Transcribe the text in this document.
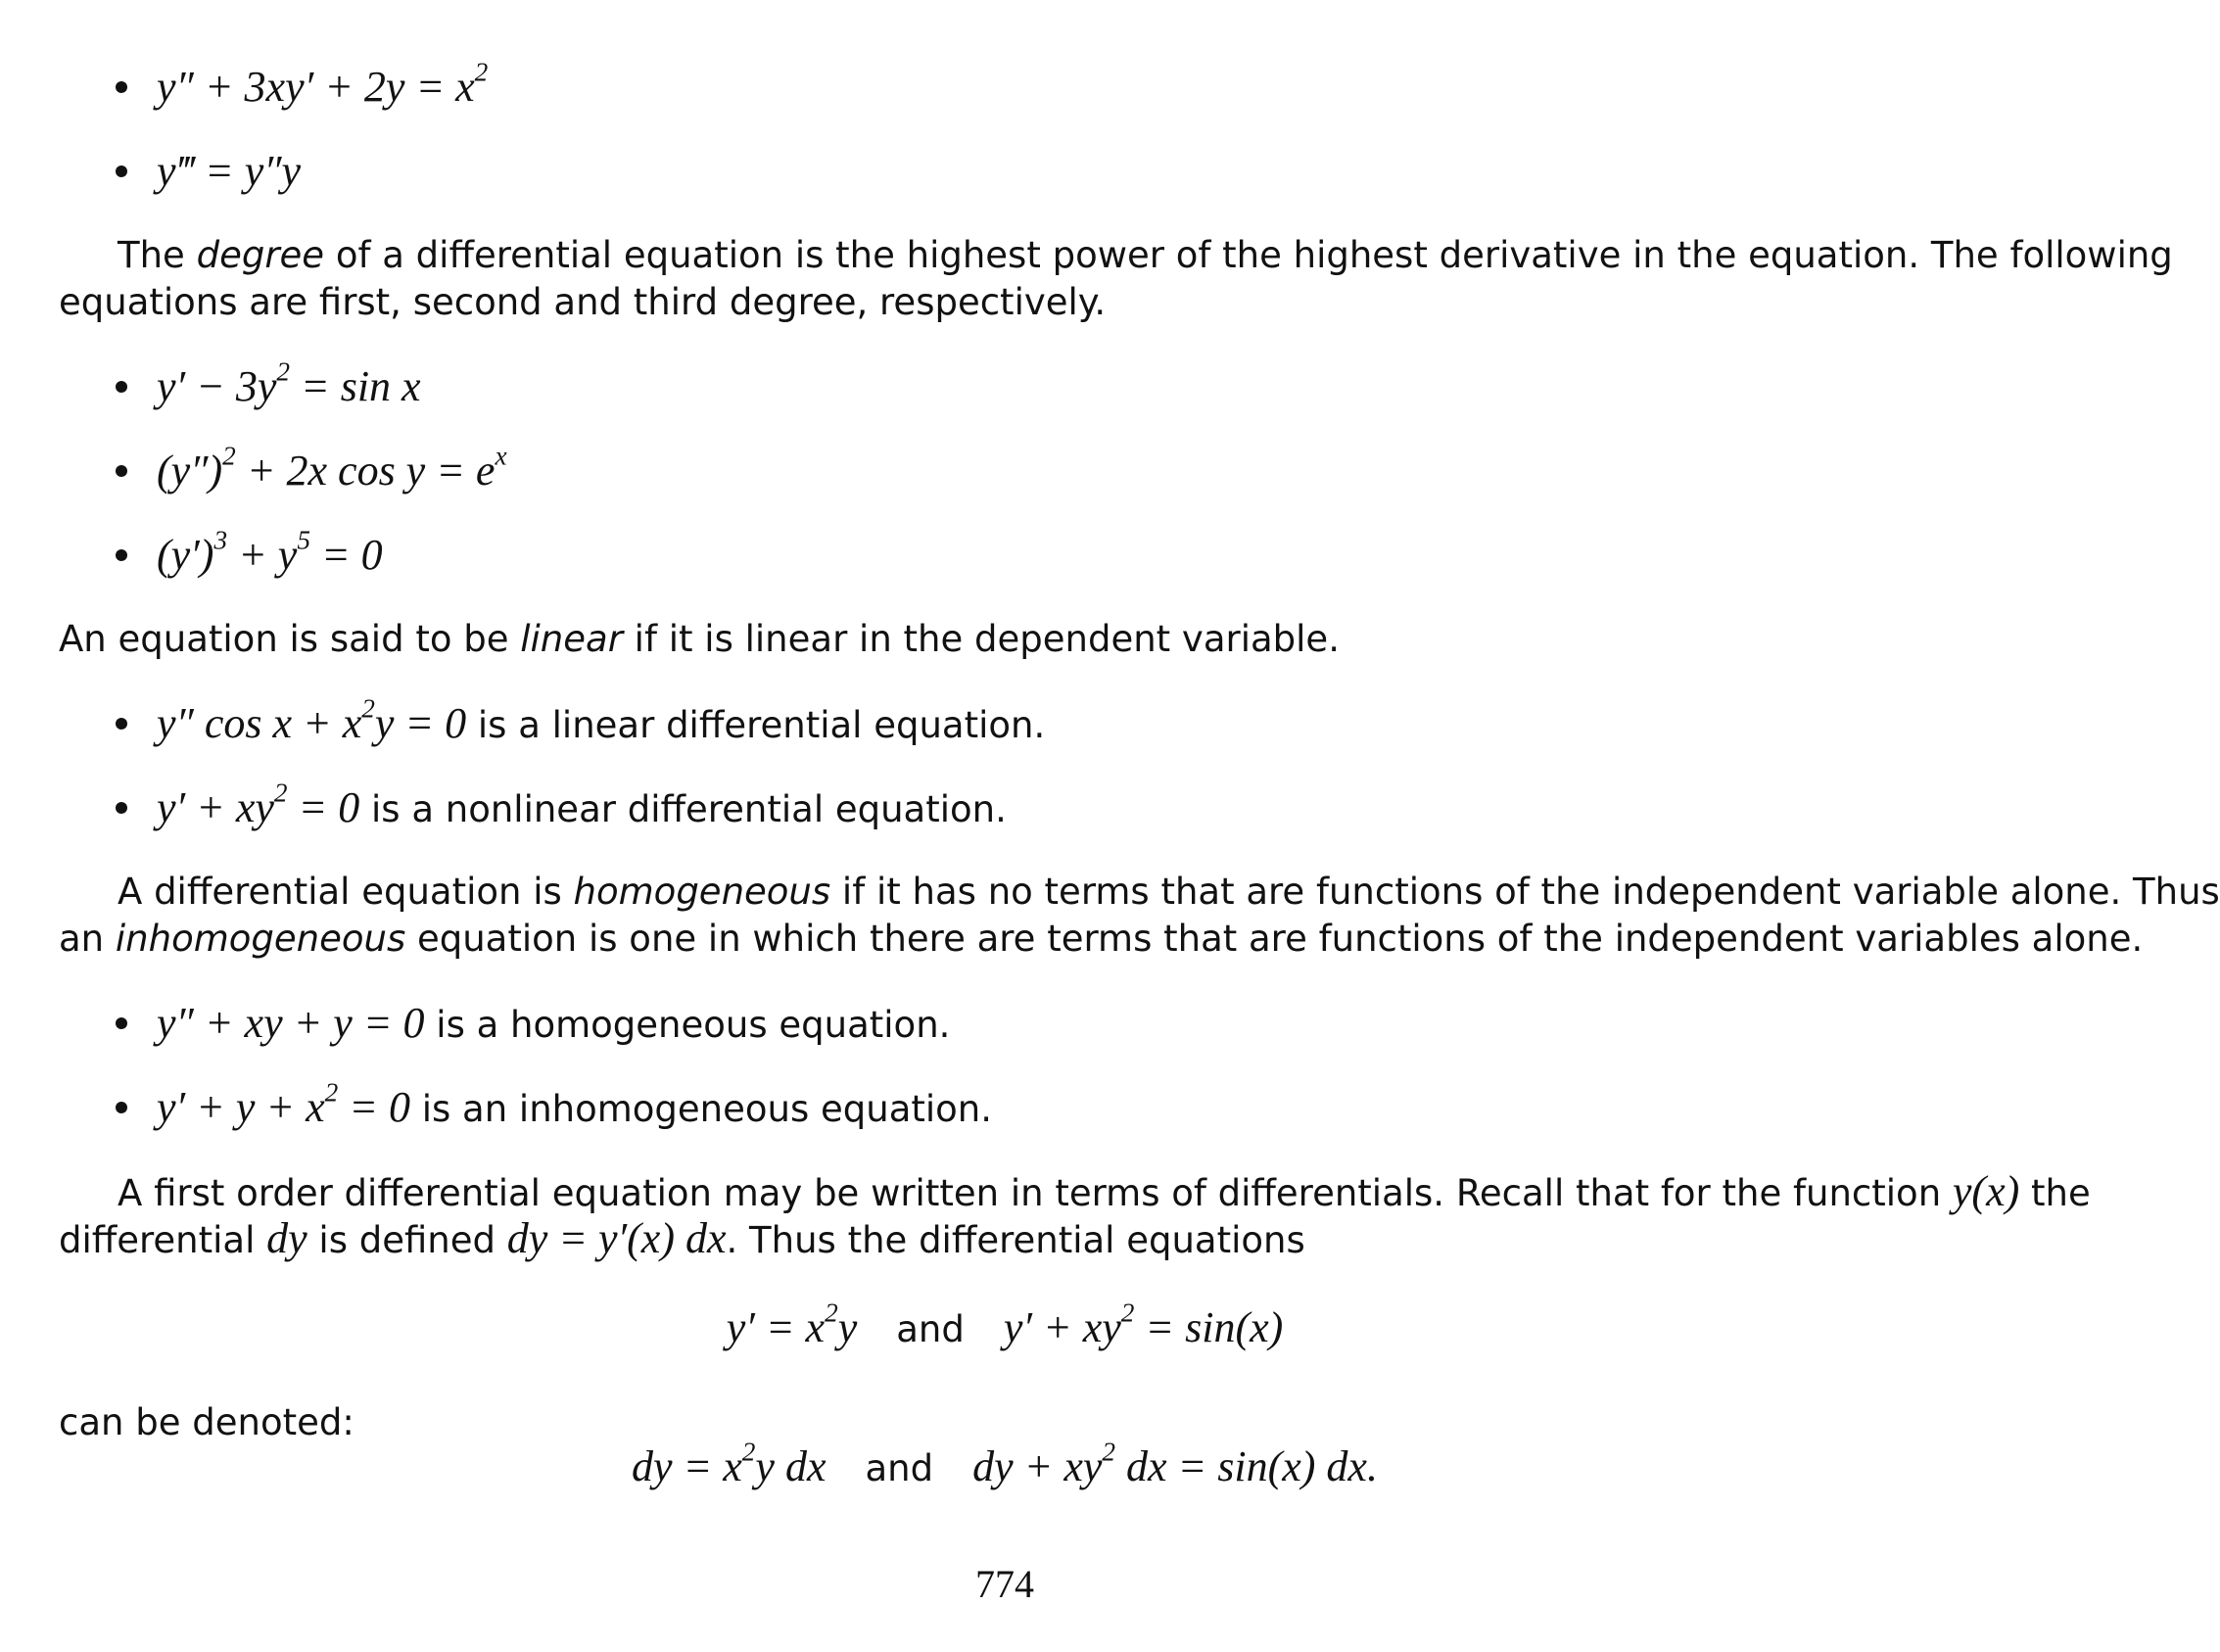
$y'' + 3xy' + 2y = x^2$
y‴ = y″y
The degree of a differential equation is the highest power of the highest derivative in the equation. The following
equations are first, second and third degree, respectively.
$y' - 3y^2 = \sin x$
$(y'')^2 + 2x$ $\cos y = e^x$
$(y')^3 + y^5 = 0$
An equation is said to be linear if it is linear in the dependent variable.
y″ $\cos x + x^2y = 0$ is a linear differential equation.
$y' + xy^2 = 0$ is a nonlinear differential equation.
A differential equation is homogeneous if it has no terms that are functions of the independent variable alone. Thus
an inhomogeneous equation is one in which there are terms that are functions of the independent variables alone.
y″ + xy + y = 0 is a homogeneous equation.
$y' + y + x^2 = 0$ is an inhomogeneous equation.
A first order differential equation may be written in terms of differentials. Recall that for the function y(x) the
differential dy is defined dy = y′(x) dx. Thus the differential equations
$y' = x^2y$ and $y' + xy^2 = \sin(x)$
can be denoted:
dy = $x^2y$ dx and dy + $xy^2$ dx = sin(x) dx.
774
